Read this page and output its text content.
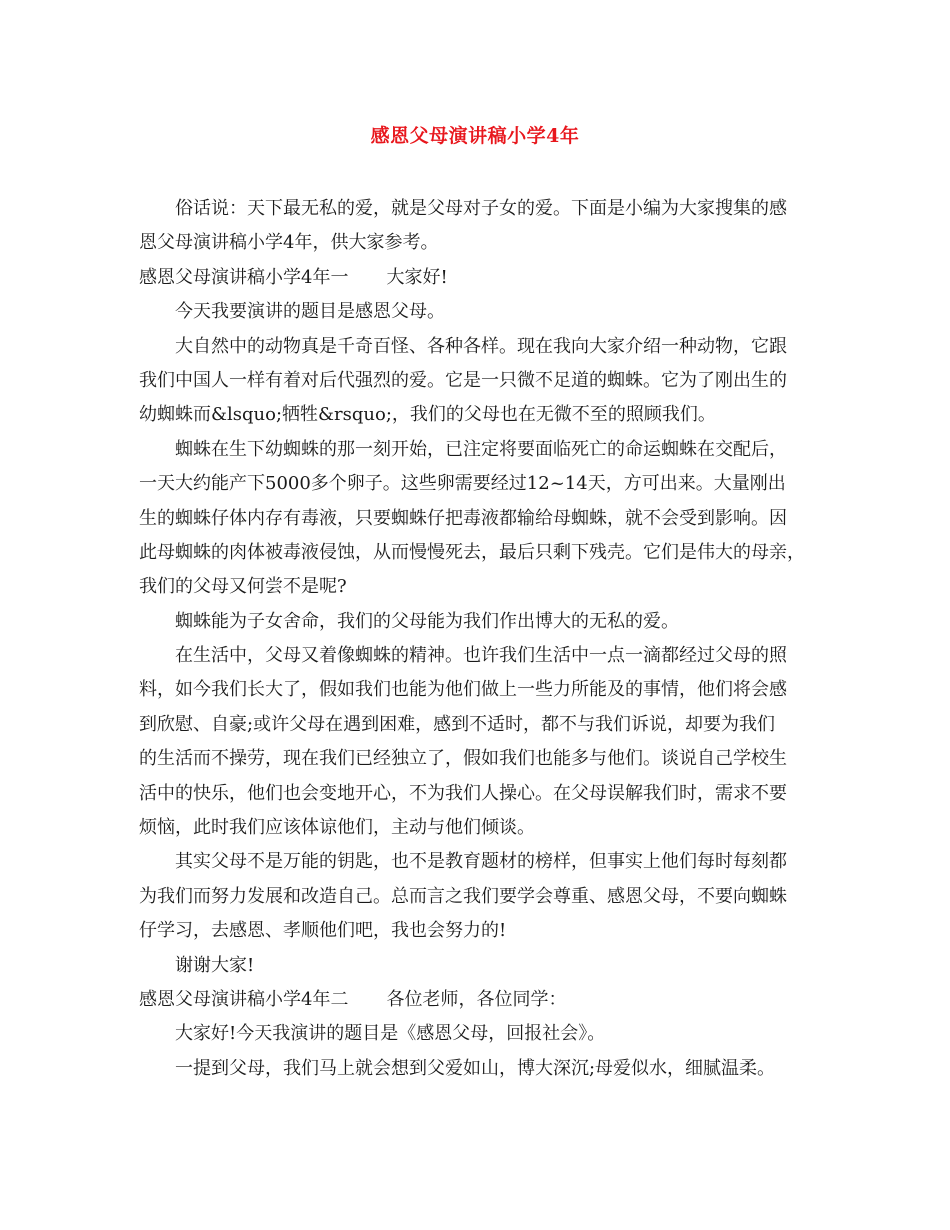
感恩父母演讲稿小学4年
俗话说：天下最无私的爱，就是父母对子女的爱。下面是小编为大家搜集的感
恩父母演讲稿小学4年，供大家参考。
感恩父母演讲稿小学4年一 大家好!
今天我要演讲的题目是感恩父母。
大自然中的动物真是千奇百怪、各种各样。现在我向大家介绍一种动物，它跟
我们中国人一样有着对后代强烈的爱。它是一只微不足道的蜘蛛。它为了刚出生的
幼蜘蛛而&lsquo;牺牲&rsquo;，我们的父母也在无微不至的照顾我们。
蜘蛛在生下幼蜘蛛的那一刻开始，已注定将要面临死亡的命运蜘蛛在交配后，
一天大约能产下5000多个卵子。这些卵需要经过12~14天，方可出来。大量刚出
生的蜘蛛仔体内存有毒液，只要蜘蛛仔把毒液都输给母蜘蛛，就不会受到影响。因
此母蜘蛛的肉体被毒液侵蚀，从而慢慢死去，最后只剩下残壳。它们是伟大的母亲，
我们的父母又何尝不是呢?
蜘蛛能为子女舍命，我们的父母能为我们作出博大的无私的爱。
在生活中，父母又着像蜘蛛的精神。也许我们生活中一点一滴都经过父母的照
料，如今我们长大了，假如我们也能为他们做上一些力所能及的事情，他们将会感
到欣慰、自豪;或许父母在遇到困难，感到不适时，都不与我们诉说，却要为我们
的生活而不操劳，现在我们已经独立了，假如我们也能多与他们。谈说自己学校生
活中的快乐，他们也会变地开心，不为我们人操心。在父母误解我们时，需求不要
烦恼，此时我们应该体谅他们，主动与他们倾谈。
其实父母不是万能的钥匙，也不是教育题材的榜样，但事实上他们每时每刻都
为我们而努力发展和改造自己。总而言之我们要学会尊重、感恩父母，不要向蜘蛛
仔学习，去感恩、孝顺他们吧，我也会努力的!
谢谢大家!
感恩父母演讲稿小学4年二 各位老师，各位同学：
大家好!今天我演讲的题目是《感恩父母，回报社会》。
一提到父母，我们马上就会想到父爱如山，博大深沉;母爱似水，细腻温柔。
